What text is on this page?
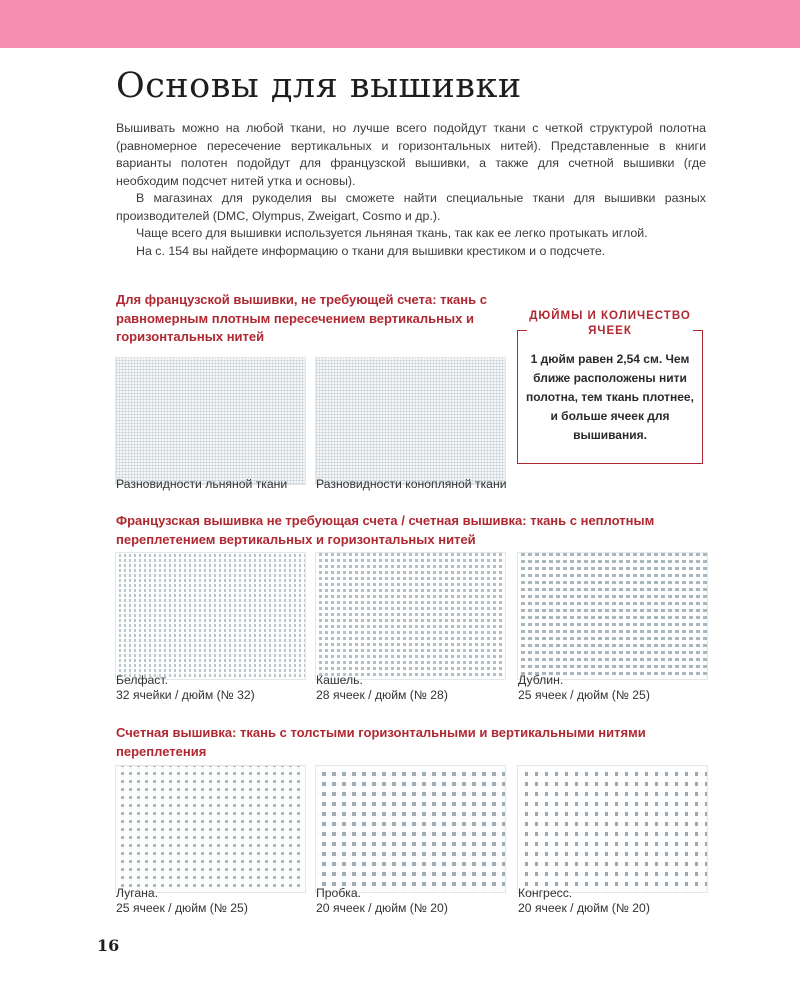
Основы для вышивки

Вышивать можно на любой ткани, но лучше всего подойдут ткани с четкой структурой полотна (равномерное пересечение вертикальных и горизонтальных нитей). Представленные в книги варианты полотен подойдут для французской вышивки, а также для счетной вышивки (где необходим подсчет нитей утка и основы).

В магазинах для рукоделия вы сможете найти специальные ткани для вышивки разных производителей (DMC, Olympus, Zweigart, Cosmo и др.).

Чаще всего для вышивки используется льняная ткань, так как ее легко протыкать иглой.

На с. 154 вы найдете информацию о ткани для вышивки крестиком и о подсчете.

Для французской вышивки, не требующей счета: ткань с равномерным плотным пересечением вертикальных и горизонтальных нитей

Разновидности льняной ткани Разновидности конопляной ткани

ДЮЙМЫ И КОЛИЧЕСТВО ЯЧЕЕК

1 дюйм равен 2,54 см. Чем ближе расположены нити полотна, тем ткань плотнее, и больше ячеек для вышивания.

Французская вышивка не требующая счета / счетная вышивка: ткань с неплотным переплетением вертикальных и горизонтальных нитей

Белфаст.
32 ячейки / дюйм (№ 32)
Кашель.
28 ячеек / дюйм (№ 28)
Дублин.
25 ячеек / дюйм (№ 25)

Счетная вышивка: ткань с толстыми горизонтальными и вертикальными нитями переплетения

Лугана.
25 ячеек / дюйм (№ 25)
Пробка.
20 ячеек / дюйм (№ 20)
Конгресс.
20 ячеек / дюйм (№ 20)
16
